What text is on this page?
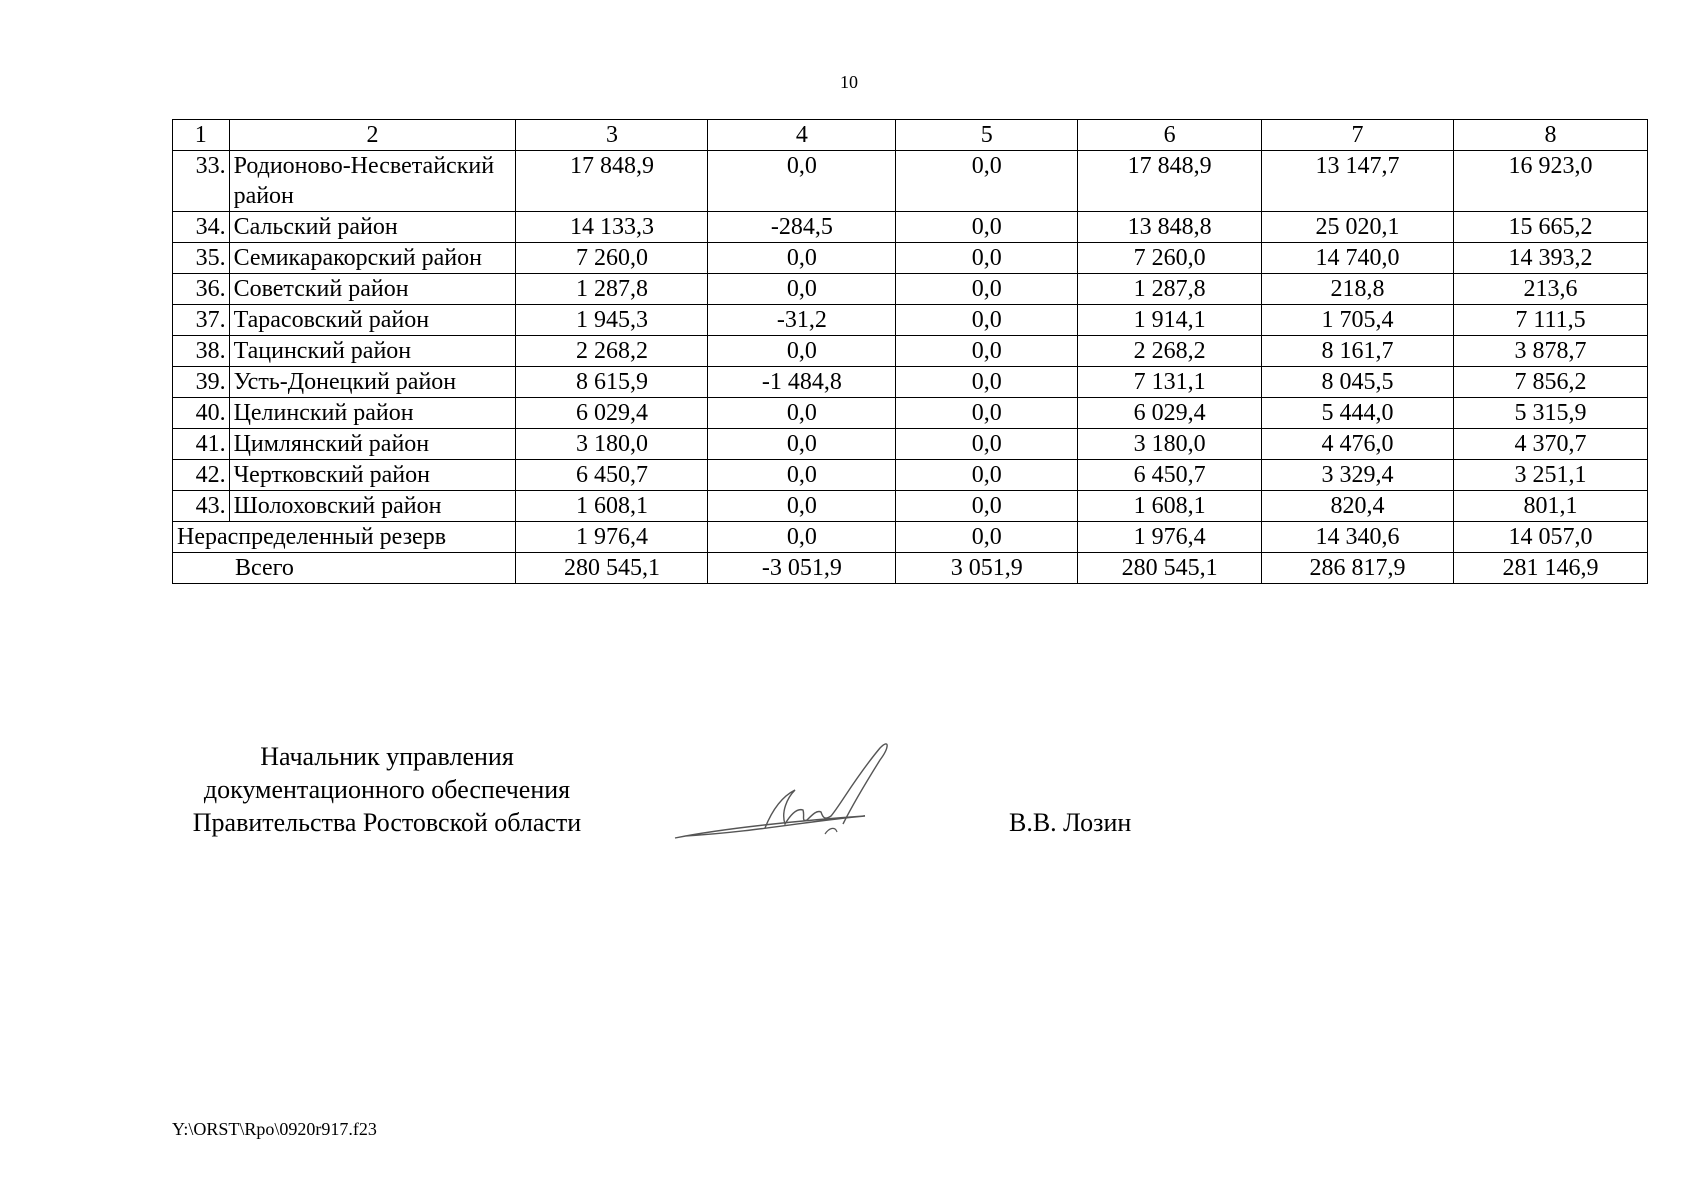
10
1	2	3	4	5	6	7	8
33.	Родионово-Несветайский район	17 848,9	0,0	0,0	17 848,9	13 147,7	16 923,0
34.	Сальский район	14 133,3	-284,5	0,0	13 848,8	25 020,1	15 665,2
35.	Семикаракорский район	7 260,0	0,0	0,0	7 260,0	14 740,0	14 393,2
36.	Советский район	1 287,8	0,0	0,0	1 287,8	218,8	213,6
37.	Тарасовский район	1 945,3	-31,2	0,0	1 914,1	1 705,4	7 111,5
38.	Тацинский район	2 268,2	0,0	0,0	2 268,2	8 161,7	3 878,7
39.	Усть-Донецкий район	8 615,9	-1 484,8	0,0	7 131,1	8 045,5	7 856,2
40.	Целинский район	6 029,4	0,0	0,0	6 029,4	5 444,0	5 315,9
41.	Цимлянский район	3 180,0	0,0	0,0	3 180,0	4 476,0	4 370,7
42.	Чертковский район	6 450,7	0,0	0,0	6 450,7	3 329,4	3 251,1
43.	Шолоховский район	1 608,1	0,0	0,0	1 608,1	820,4	801,1
Нераспределенный резерв		1 976,4	0,0	0,0	1 976,4	14 340,6	14 057,0
Всего		280 545,1	-3 051,9	3 051,9	280 545,1	286 817,9	281 146,9
Начальник управления
документационного обеспечения
Правительства Ростовской области	В.В. Лозин
Y:\ORST\Rpo\0920r917.f23
